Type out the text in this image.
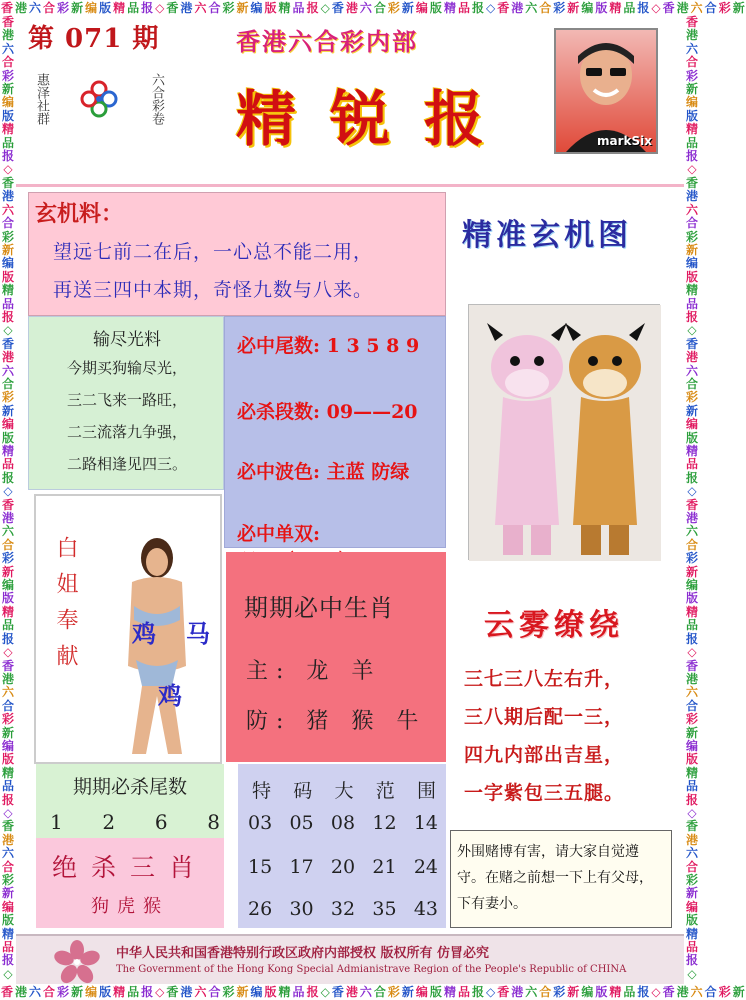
香 港 六 合 彩 新 编 版 精 品 报 ◇ 香 港 六 合 彩 新 编 版 精 品 报 ◇ 香 港 六 合 彩 新 编 版 精 品 报 ◇ 香 港 六 合 彩 新 编 版 精 品 报 ◇ 香 港 六 合 彩 新
香 港 六 合 彩 新 编 版 精 品 报 ◇ 香 港 六 合 彩 新 编 版 精 品 报 ◇ 香 港 六 合 彩 新 编 版 精 品 报 ◇ 香 港 六 合 彩 新 编 版 精 品 报 ◇ 香 港 六 合 彩 新
香
港
六
合
彩
新
编
版
精
品
报
◇
香
港
六
合
彩
新
编
版
精
品
报
◇
香
港
六
合
彩
新
编
版
精
品
报
◇
香
港
六
合
彩
新
编
版
精
品
报
◇
香
港
六
合
彩
新
编
版
精
品
报
◇
香
港
六
合
彩
新
编
版
精
品
报
◇
香
港
六
合
彩
新
编
版
精
品
报
◇
香
港
六
合
彩
新
编
版
精
品
报
◇
香
港
六
合
彩
新
编
版
精
品
报
◇
香
港
六
合
彩
新
编
版
精
品
报
◇
香
港
六
合
彩
新
编
版
精
品
报
◇
香
港
六
合
彩
新
编
版
精
品
报
◇
第 071 期
惠泽社群	六合彩卷
香港六合彩内部
精锐报	markSix
玄机料：
望远七前二在后，一心总不能二用，
再送三四中本期，奇怪九数与八来。
输尽光料
今期买狗输尽光，
三二飞来一路旺，
二三流落九争强，
二路相逢见四三。
必中尾数: 1 3 5 8 9
必杀段数: 09——20
必中波色: 主蓝 防绿
必中单双:
白姐奉献 鸡 马
鸡
期期必中生肖
主: 龙 羊
防: 猪 猴 牛
期期必杀尾数
1 2 6 8
绝杀三肖
狗虎猴
特 码 大 范 围
03 05 08 12 14
15 17 20 21 24
26 30 32 35 43
精准玄机图
云雾缭绕
三七三八左右升，
三八期后配一三，
四九内部出吉星，
一字紫包三五腿。
外围赌博有害，请大家自觉遵守。在赌之前想一下上有父母，下有妻小。
中华人民共和国香港特别行政区政府内部授权 版权所有 仿冒必究
The Government of the Hong Kong Special Admianistrave Region of the People's Republic of CHINA
